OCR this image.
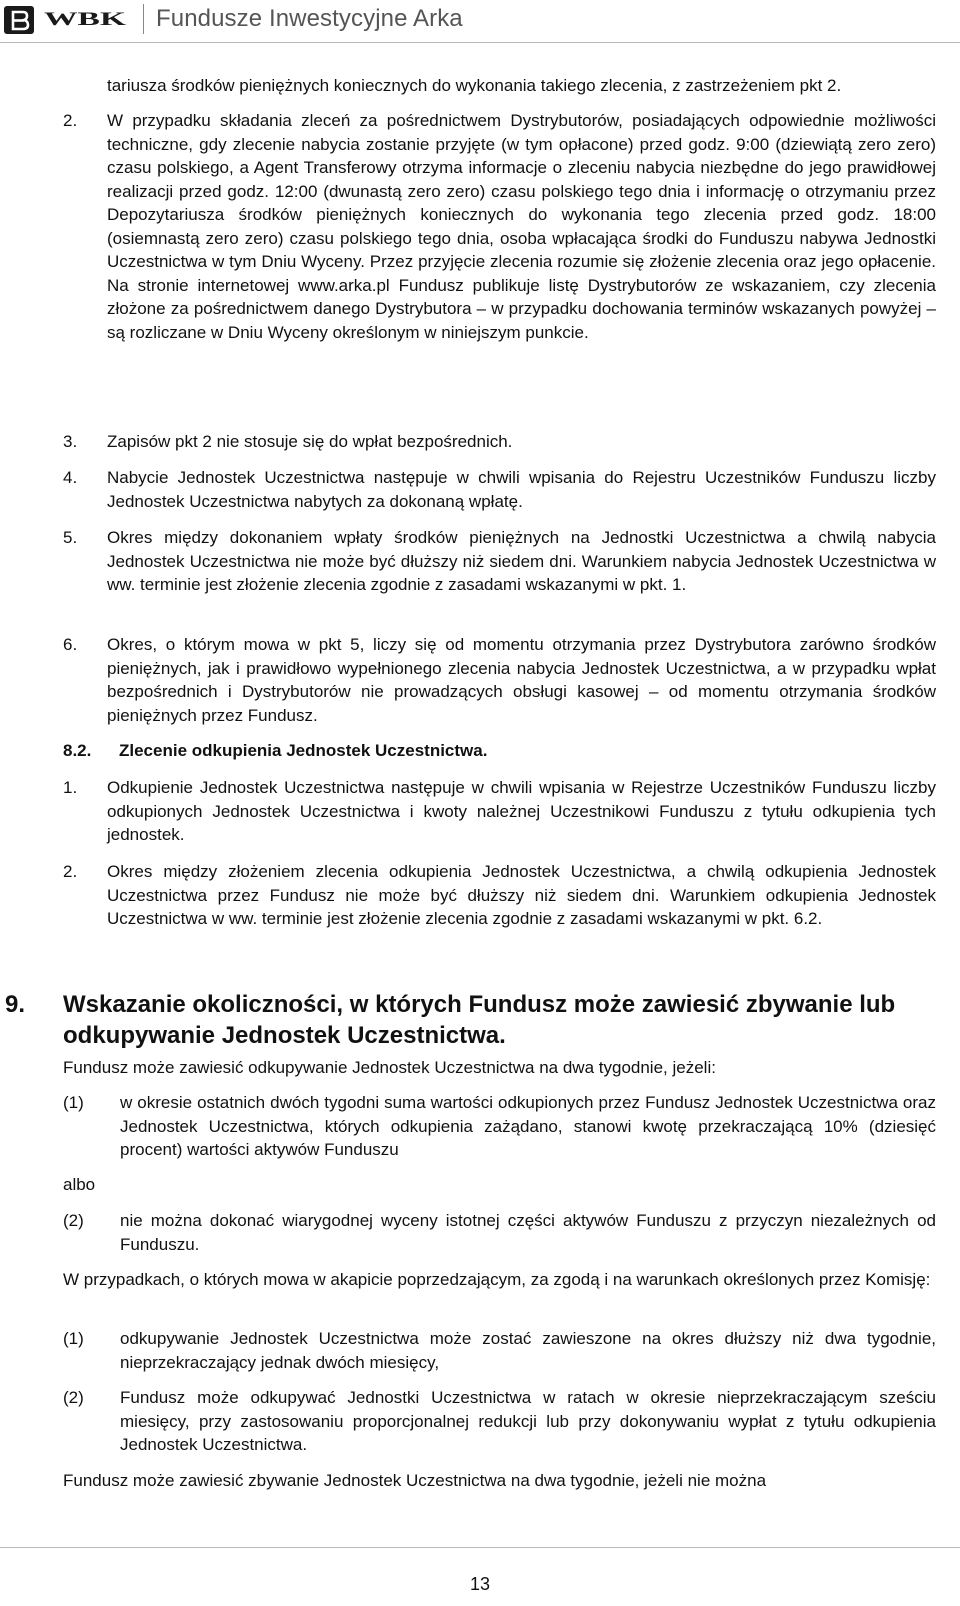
WBK Fundusze Inwestycyjne Arka
tariusza środków pieniężnych koniecznych do wykonania takiego zlecenia, z zastrzeżeniem pkt 2.
2. W przypadku składania zleceń za pośrednictwem Dystrybutorów, posiadających odpowiednie możliwości techniczne, gdy zlecenie nabycia zostanie przyjęte (w tym opłacone) przed godz. 9:00 (dziewiątą zero zero) czasu polskiego, a Agent Transferowy otrzyma informacje o zleceniu nabycia niezbędne do jego prawidłowej realizacji przed godz. 12:00 (dwunastą zero zero) czasu polskiego tego dnia i informację o otrzymaniu przez Depozytariusza środków pieniężnych koniecznych do wykonania tego zlecenia przed godz. 18:00 (osiemnastą zero zero) czasu polskiego tego dnia, osoba wpłacająca środki do Funduszu nabywa Jednostki Uczestnictwa w tym Dniu Wyceny. Przez przyjęcie zlecenia rozumie się złożenie zlecenia oraz jego opłacenie. Na stronie internetowej www.arka.pl Fundusz publikuje listę Dystrybutorów ze wskazaniem, czy zlecenia złożone za pośrednictwem danego Dystrybutora – w przypadku dochowania terminów wskazanych powyżej – są rozliczane w Dniu Wyceny określonym w niniejszym punkcie.
3. Zapisów pkt 2 nie stosuje się do wpłat bezpośrednich.
4. Nabycie Jednostek Uczestnictwa następuje w chwili wpisania do Rejestru Uczestników Funduszu liczby Jednostek Uczestnictwa nabytych za dokonaną wpłatę.
5. Okres między dokonaniem wpłaty środków pieniężnych na Jednostki Uczestnictwa a chwilą nabycia Jednostek Uczestnictwa nie może być dłuższy niż siedem dni. Warunkiem nabycia Jednostek Uczestnictwa w ww. terminie jest złożenie zlecenia zgodnie z zasadami wskazanymi w pkt. 1.
6. Okres, o którym mowa w pkt 5, liczy się od momentu otrzymania przez Dystrybutora zarówno środków pieniężnych, jak i prawidłowo wypełnionego zlecenia nabycia Jednostek Uczestnictwa, a w przypadku wpłat bezpośrednich i Dystrybutorów nie prowadzących obsługi kasowej – od momentu otrzymania środków pieniężnych przez Fundusz.
8.2. Zlecenie odkupienia Jednostek Uczestnictwa.
1. Odkupienie Jednostek Uczestnictwa następuje w chwili wpisania w Rejestrze Uczestników Funduszu liczby odkupionych Jednostek Uczestnictwa i kwoty należnej Uczestnikowi Funduszu z tytułu odkupienia tych jednostek.
2. Okres między złożeniem zlecenia odkupienia Jednostek Uczestnictwa, a chwilą odkupienia Jednostek Uczestnictwa przez Fundusz nie może być dłuższy niż siedem dni. Warunkiem odkupienia Jednostek Uczestnictwa w ww. terminie jest złożenie zlecenia zgodnie z zasadami wskazanymi w pkt. 6.2.
9. Wskazanie okoliczności, w których Fundusz może zawiesić zbywanie lub odkupywanie Jednostek Uczestnictwa.
Fundusz może zawiesić odkupywanie Jednostek Uczestnictwa na dwa tygodnie, jeżeli:
(1) w okresie ostatnich dwóch tygodni suma wartości odkupionych przez Fundusz Jednostek Uczestnictwa oraz Jednostek Uczestnictwa, których odkupienia zażądano, stanowi kwotę przekraczającą 10% (dziesięć procent) wartości aktywów Funduszu
albo
(2) nie można dokonać wiarygodnej wyceny istotnej części aktywów Funduszu z przyczyn niezależnych od Funduszu.
W przypadkach, o których mowa w akapicie poprzedzającym, za zgodą i na warunkach określonych przez Komisję:
(1) odkupywanie Jednostek Uczestnictwa może zostać zawieszone na okres dłuższy niż dwa tygodnie, nieprzekraczający jednak dwóch miesięcy,
(2) Fundusz może odkupywać Jednostki Uczestnictwa w ratach w okresie nieprzekraczającym sześciu miesięcy, przy zastosowaniu proporcjonalnej redukcji lub przy dokonywaniu wypłat z tytułu odkupienia Jednostek Uczestnictwa.
Fundusz może zawiesić zbywanie Jednostek Uczestnictwa na dwa tygodnie, jeżeli nie można
13
